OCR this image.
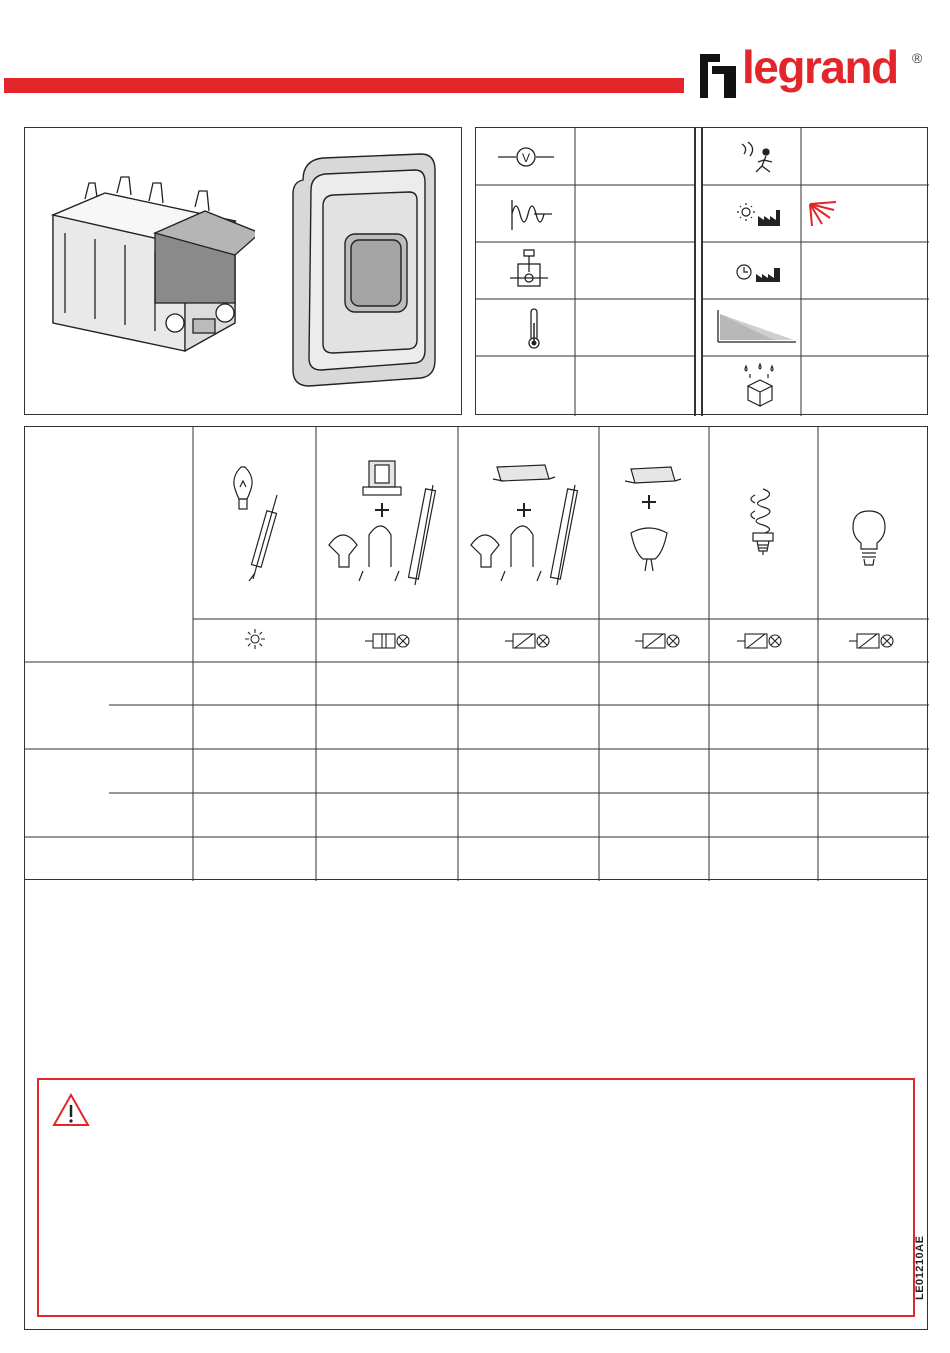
legrand ®
V
LE01210AE
